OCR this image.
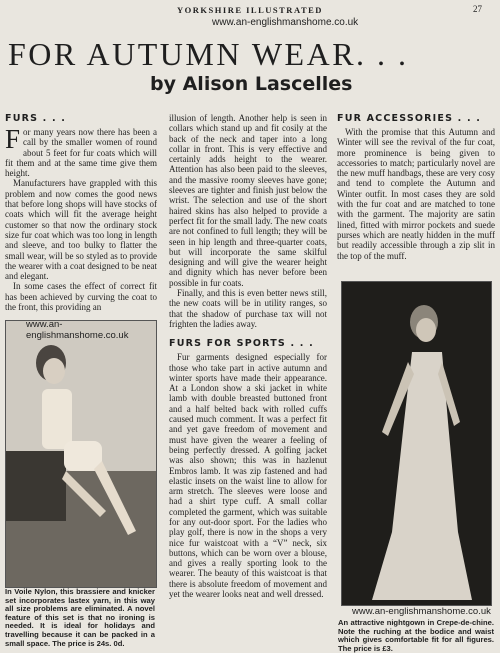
YORKSHIRE ILLUSTRATED	27
www.an-englishmanshome.co.uk
FOR AUTUMN WEAR. . .
by Alison Lascelles
FURS . . .

F or many years now there has been a call by the smaller women of round about 5 feet for fur coats which will fit them and at the same time give them height.

Manufacturers have grappled with this problem and now comes the good news that before long shops will have stocks of coats which will fit the average height customer so that now the ordinary stock size fur coat which was too long in length and sleeve, and too bulky to flatter the small wear, will be so styled as to provide the wearer with a coat designed to be neat and elegant.

In some cases the effect of correct fit has been achieved by curving the coat to the front, this providing an

www.an-englishmanshome.co.uk
In Voile Nylon, this brassiere and knicker set incorporates lastex yarn, in this way all size problems are eliminated. A novel feature of this set is that no ironing is needed. It is ideal for holidays and travelling because it can be packed in a small space. The price is 24s. 0d.

illusion of length. Another help is seen in collars which stand up and fit cosily at the back of the neck and taper into a long collar in front. This is very effective and certainly adds height to the wearer. Attention has also been paid to the sleeves, and the massive roomy sleeves have gone; sleeves are tighter and finish just below the wrist. The selection and use of the short haired skins has also helped to provide a perfect fit for the small lady. The new coats are not confined to full length; they will be seen in hip length and three-quarter coats, but will incorporate the same skilful designing and will give the wearer height and dignity which has never before been possible in fur coats.

Finally, and this is even better news still, the new coats will be in utility ranges, so that the shadow of purchase tax will not frighten the ladies away.

FURS FOR SPORTS . . .

Fur garments designed especially for those who take part in active autumn and winter sports have made their appearance. At a London show a ski jacket in white lamb with double breasted buttoned front and a half belted back with rolled cuffs caused much comment. It was a perfect fit and yet gave freedom of movement and must have given the wearer a feeling of being perfectly dressed. A golfing jacket was also shown; this was in hazlenut Embros lamb. It was zip fastened and had elastic insets on the waist line to allow for arm stretch. The sleeves were loose and had a shirt type cuff. A small collar completed the garment, which was suitable for any out-door sport. For the ladies who play golf, there is now in the shops a very nice fur waistcoat with a “V” neck, six buttons, which can be worn over a blouse, and gives a really sporting look to the wearer. The beauty of this waistcoat is that there is absolute freedom of movement and yet the wearer looks neat and well dressed.

FUR ACCESSORIES . . .

With the promise that this Autumn and Winter will see the revival of the fur coat, more prominence is being given to accessories to match; particularly novel are the new muff handbags, these are very cosy and tend to complete the Autumn and Winter outfit. In most cases they are sold with the fur coat and are matched to tone with the garment. The majority are satin lined, fitted with mirror pockets and suede purses which are neatly hidden in the muff but readily accessible through a zip slit in the top of the muff.

www.an-englishmanshome.co.uk
An attractive nightgown in Crepe-de-chine. Note the ruching at the bodice and waist which gives comfortable fit for all figures. The price is £3.
